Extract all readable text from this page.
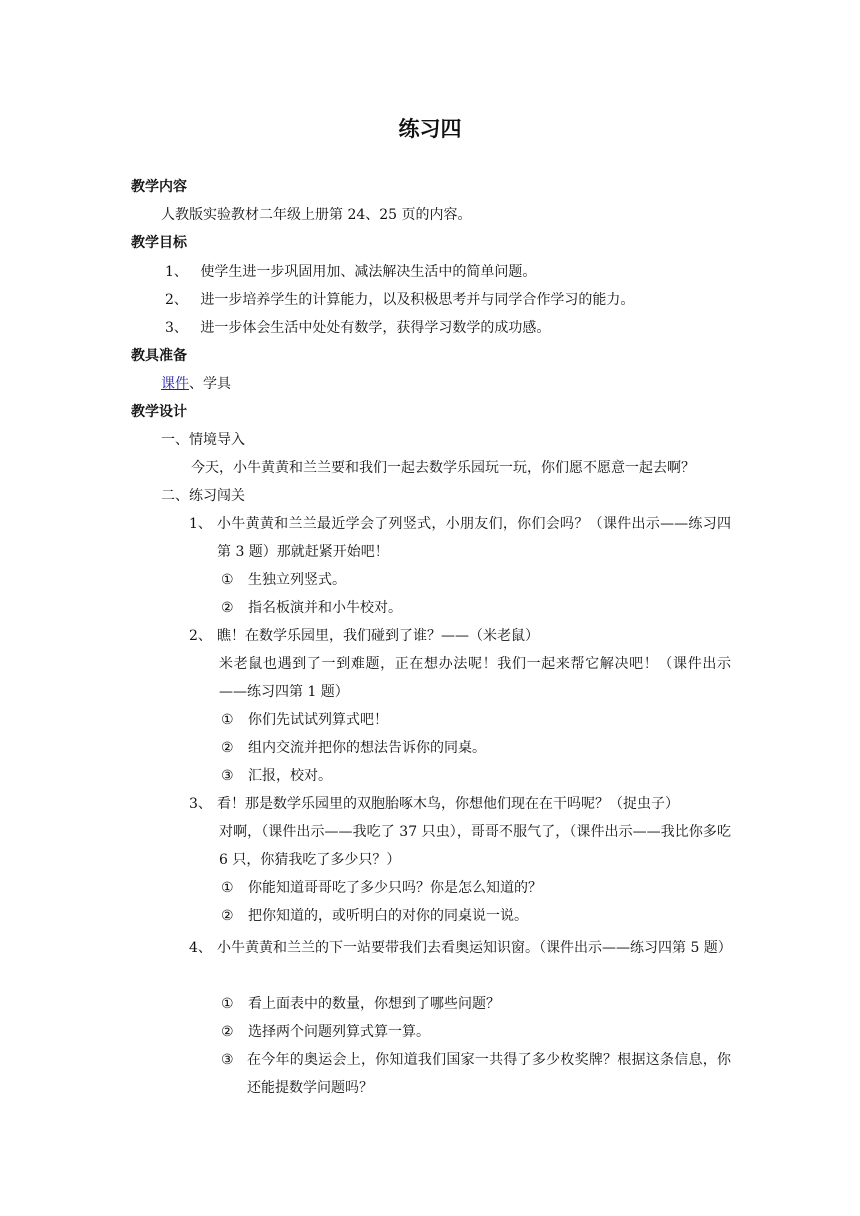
练习四
教学内容
人教版实验教材二年级上册第 24、25 页的内容。
教学目标
1、 使学生进一步巩固用加、减法解决生活中的简单问题。
2、 进一步培养学生的计算能力，以及积极思考并与同学合作学习的能力。
3、 进一步体会生活中处处有数学，获得学习数学的成功感。
教具准备
课件、学具
教学设计
一、情境导入
今天，小牛黄黄和兰兰要和我们一起去数学乐园玩一玩，你们愿不愿意一起去啊？
二、练习闯关
1、 小牛黄黄和兰兰最近学会了列竖式，小朋友们，你们会吗？（课件出示——练习四第 3 题）那就赶紧开始吧！
① 生独立列竖式。
② 指名板演并和小牛校对。
2、 瞧！在数学乐园里，我们碰到了谁？——（米老鼠）
米老鼠也遇到了一到难题，正在想办法呢！我们一起来帮它解决吧！（课件出示——练习四第 1 题）
① 你们先试试列算式吧！
② 组内交流并把你的想法告诉你的同桌。
③ 汇报，校对。
3、 看！那是数学乐园里的双胞胎啄木鸟，你想他们现在在干吗呢？（捉虫子）
对啊，（课件出示——我吃了 37 只虫），哥哥不服气了，（课件出示——我比你多吃 6 只，你猜我吃了多少只？）
① 你能知道哥哥吃了多少只吗？你是怎么知道的？
② 把你知道的，或听明白的对你的同桌说一说。
4、 小牛黄黄和兰兰的下一站要带我们去看奥运知识窗。（课件出示——练习四第 5 题）
① 看上面表中的数量，你想到了哪些问题？
② 选择两个问题列算式算一算。
③ 在今年的奥运会上，你知道我们国家一共得了多少枚奖牌？根据这条信息，你还能提数学问题吗？
